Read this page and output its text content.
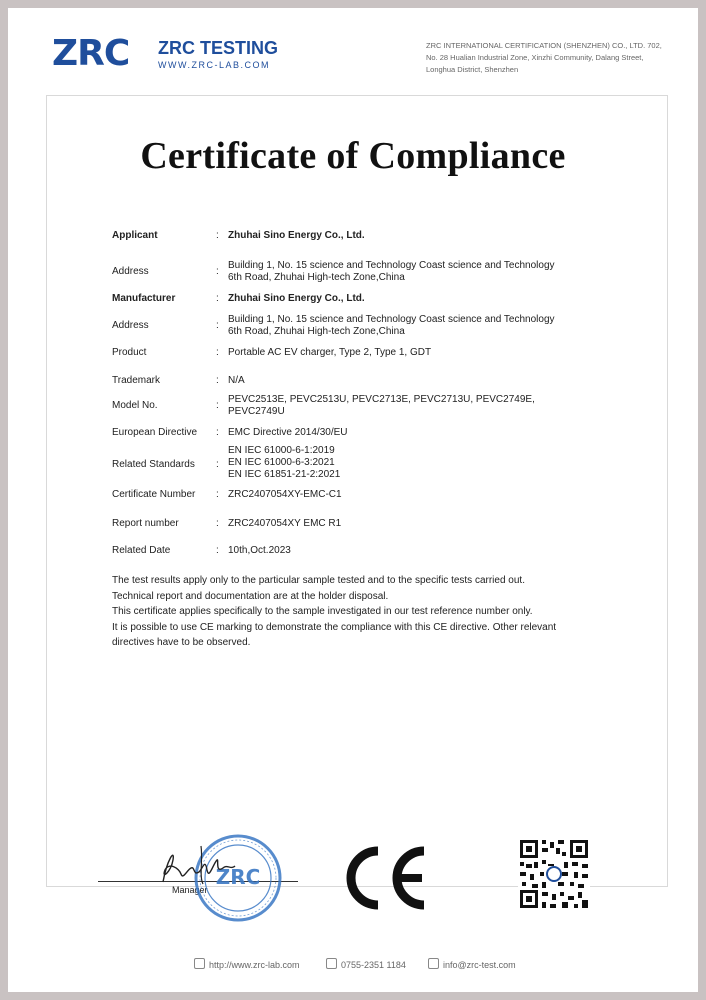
ZRC ZRC TESTING
WWW.ZRC-LAB.COM
ZRC INTERNATIONAL CERTIFICATION (SHENZHEN) CO., LTD. 702, No. 28 Hualian Industrial Zone, Xinzhi Community, Dalang Street, Longhua District, Shenzhen
Certificate of Compliance
Applicant	: Zhuhai Sino Energy Co., Ltd.
Address	:
Building 1, No. 15 science and Technology Coast science and Technology 6th Road, Zhuhai High-tech Zone,China
Manufacturer	: Zhuhai Sino Energy Co., Ltd.
Address	:
Building 1, No. 15 science and Technology Coast science and Technology 6th Road, Zhuhai High-tech Zone,China
Product	: Portable AC EV charger, Type 2, Type 1, GDT
Trademark	: N/A
Model No.	:
PEVC2513E, PEVC2513U, PEVC2713E, PEVC2713U, PEVC2749E, PEVC2749U
European Directive	: EMC Directive 2014/30/EU
Related Standards	:
EN IEC 61000-6-1:2019
EN IEC 61000-6-3:2021
EN IEC 61851-21-2:2021
Certificate Number	: ZRC2407054XY-EMC-C1
Report number	: ZRC2407054XY EMC R1
Related Date	: 10th,Oct.2023

The test results apply only to the particular sample tested and to the specific tests carried out.

Technical report and documentation are at the holder disposal.

This certificate applies specifically to the sample investigated in our test reference number only.

It is possible to use CE marking to demonstrate the compliance with this CE directive. Other relevant directives have to be observed.

Manager
ZRC
http://www.zrc-lab.com	0755-2351 1184	info@zrc-test.com
